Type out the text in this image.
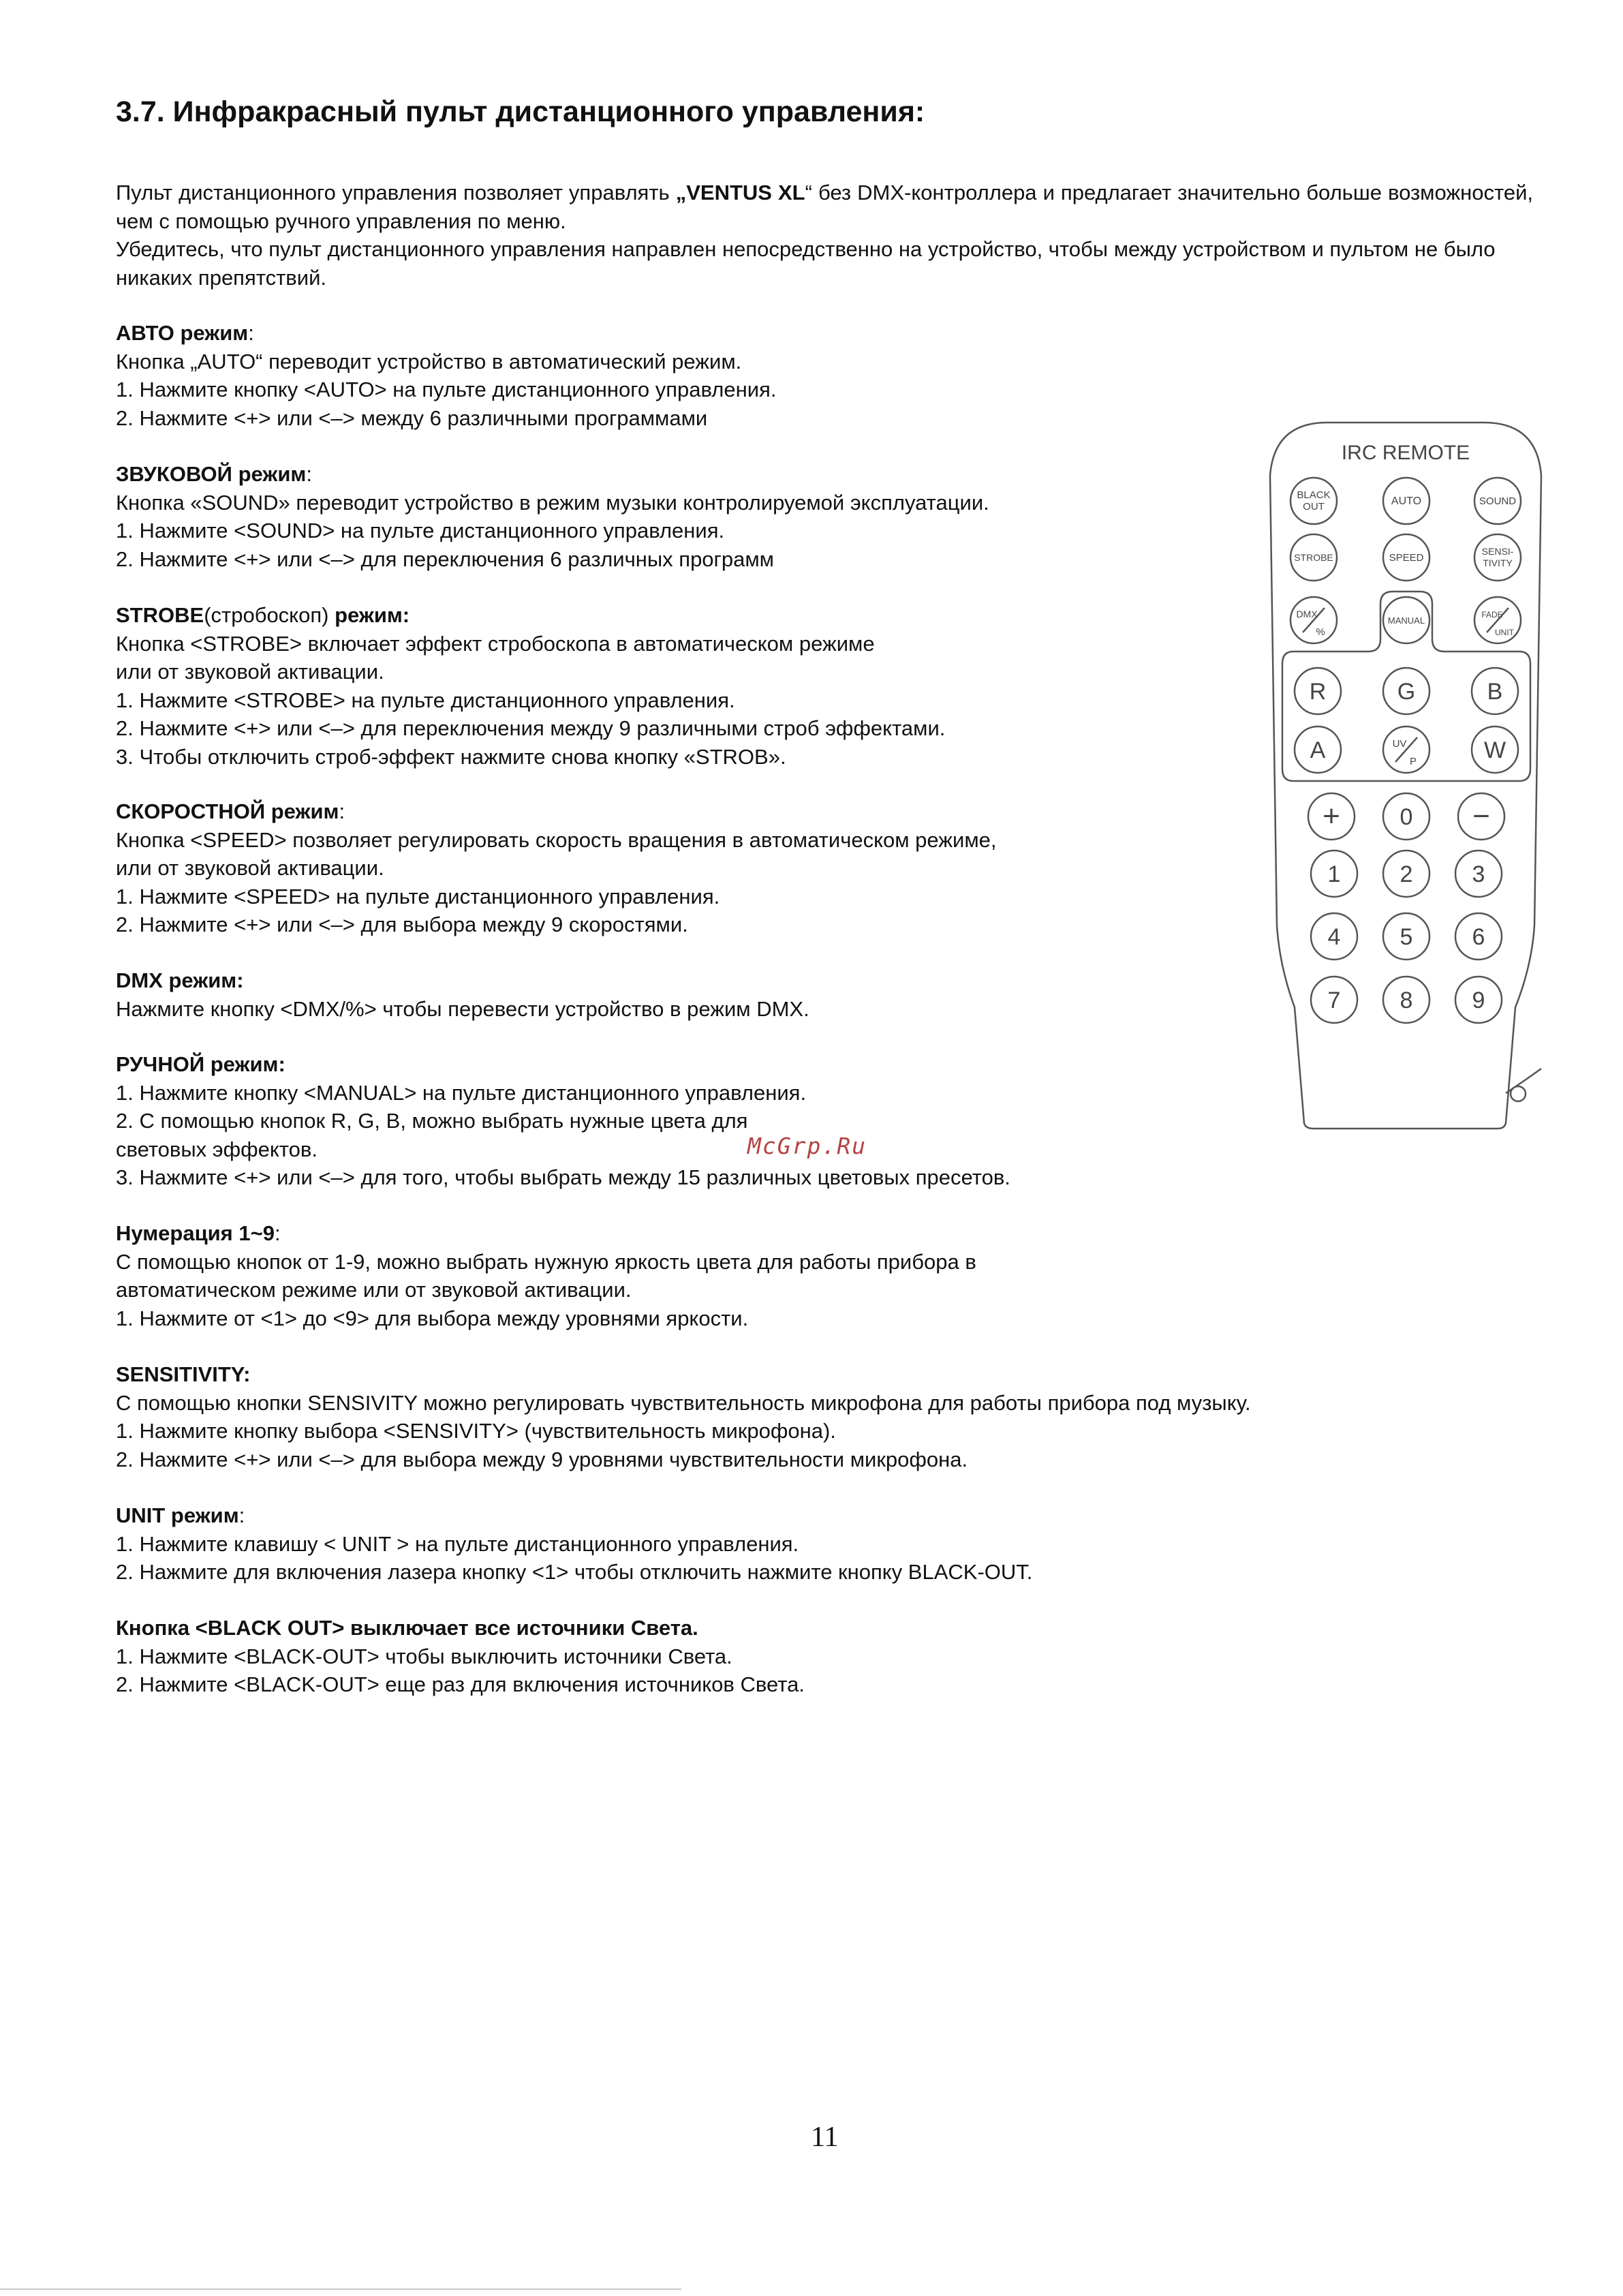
3.7. Инфракрасный пульт дистанционного управления:

Пульт дистанционного управления позволяет управлять „VENTUS XL“ без DMX-контроллера и предлагает значительно больше возможностей, чем с помощью ручного управления по меню.

Убедитесь, что пульт дистанционного управления направлен непосредственно на устройство, чтобы между устройством и пультом не было никаких препятствий.

АВТО режим:

Кнопка „AUTO“ переводит устройство в автоматический режим.

1. Нажмите кнопку <AUTO> на пульте дистанционного управления.

2. Нажмите <+> или <–> между 6 различными программами

ЗВУКОВОЙ режим:

Кнопка «SOUND» переводит устройство в режим музыки контролируемой эксплуатации.

1. Нажмите <SOUND> на пульте дистанционного управления.

2. Нажмите <+> или <–> для переключения 6 различных программ

STROBE(стробоскоп) режим:

Кнопка <STROBE> включает эффект стробоскопа в автоматическом режиме

или от звуковой активации.

1. Нажмите <STROBE> на пульте дистанционного управления.

2. Нажмите <+> или <–> для переключения между 9 различными строб эффектами.

3. Чтобы отключить строб-эффект нажмите снова кнопку «STROB».

СКОРОСТНОЙ режим:

Кнопка <SPEED> позволяет регулировать скорость вращения в автоматическом режиме,

или от звуковой активации.

1. Нажмите <SPEED> на пульте дистанционного управления.

2. Нажмите <+> или <–> для выбора между 9 скоростями.

DMX режим:

Нажмите кнопку <DMX/%> чтобы перевести устройство в режим DMX.

РУЧНОЙ режим:

1. Нажмите кнопку <MANUAL> на пульте дистанционного управления.

2. С помощью кнопок R, G, B, можно выбрать нужные цвета для

световых эффектов.

3. Нажмите <+> или <–> для того, чтобы выбрать между 15 различных цветовых пресетов.

Нумерация 1~9:

С помощью кнопок от 1-9, можно выбрать нужную яркость цвета для работы прибора в

автоматическом режиме или от звуковой активации.

1. Нажмите от <1> до <9> для выбора между уровнями яркости.

SENSITIVITY:

С помощью кнопки SENSIVITY можно регулировать чувствительность микрофона для работы прибора под музыку.

1. Нажмите кнопку выбора <SENSIVITY> (чувствительность микрофона).

2. Нажмите <+> или <–> для выбора между 9 уровнями чувствительности микрофона.

UNIT режим:

1. Нажмите клавишу < UNIT > на пульте дистанционного управления.

2. Нажмите для включения лазера кнопку <1> чтобы отключить нажмите кнопку BLACK-OUT.

Кнопка <BLACK OUT> выключает все источники Света.

1. Нажмите <BLACK-OUT> чтобы выключить источники Света.

2. Нажмите <BLACK-OUT> еще раз для включения источников Света.

McGrp.Ru
IRC REMOTE
BLACK
OUT	AUTO	SOUND
STROBE	SPEED
SENSI-
TIVITY
DMX
%
MANUAL
FADE
UNIT
R	G	B
A	UV
P	W
+	0 −
1	2	3
4	5	6
7	8	9
11
